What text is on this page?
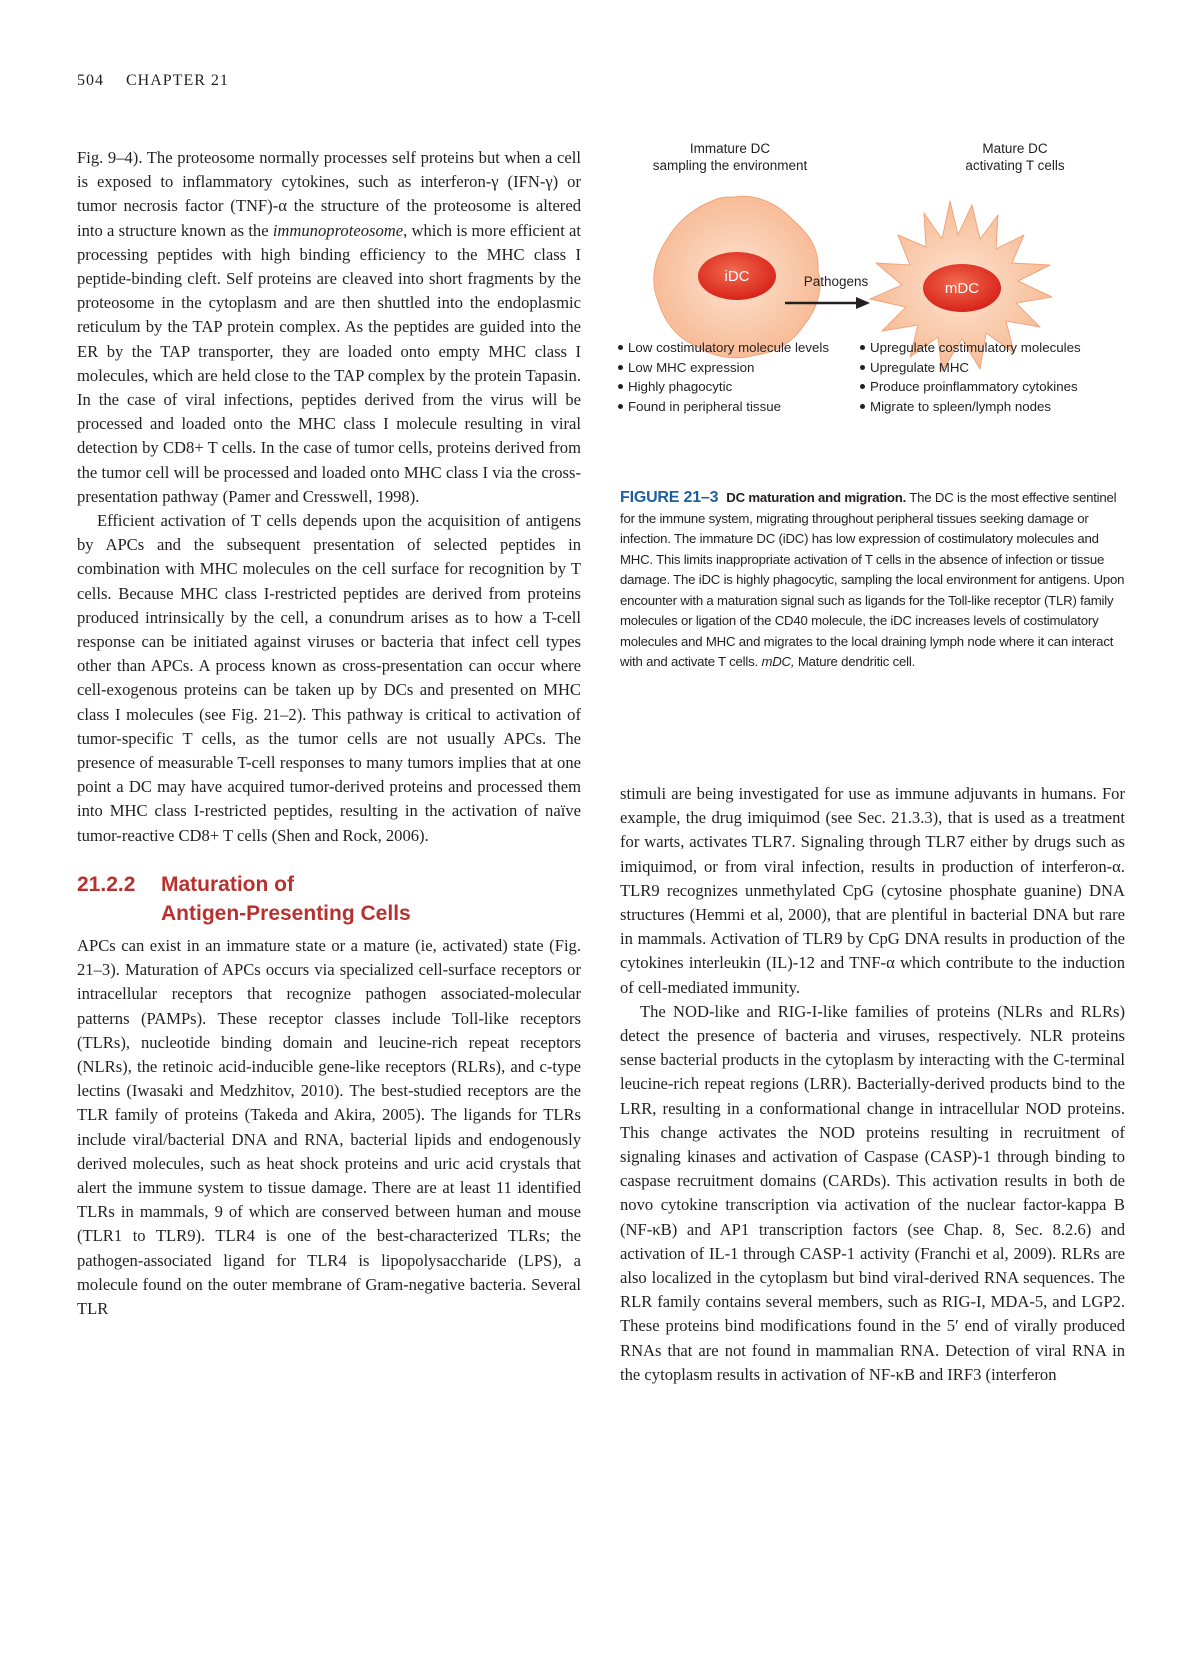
504 CHAPTER 21

Fig. 9–4). The proteosome normally processes self proteins but when a cell is exposed to inflammatory cytokines, such as interferon-γ (IFN-γ) or tumor necrosis factor (TNF)-α the structure of the proteosome is altered into a structure known as the immunoproteosome, which is more efficient at processing peptides with high binding efficiency to the MHC class I peptide-binding cleft. Self proteins are cleaved into short fragments by the proteosome in the cytoplasm and are then shuttled into the endoplasmic reticulum by the TAP protein complex. As the peptides are guided into the ER by the TAP transporter, they are loaded onto empty MHC class I molecules, which are held close to the TAP complex by the protein Tapasin. In the case of viral infections, peptides derived from the virus will be processed and loaded onto the MHC class I molecule resulting in viral detection by CD8+ T cells. In the case of tumor cells, proteins derived from the tumor cell will be processed and loaded onto MHC class I via the cross-presentation pathway (Pamer and Cresswell, 1998).

Efficient activation of T cells depends upon the acquisition of antigens by APCs and the subsequent presentation of selected peptides in combination with MHC molecules on the cell surface for recognition by T cells. Because MHC class I-restricted peptides are derived from proteins produced intrinsically by the cell, a conundrum arises as to how a T-cell response can be initiated against viruses or bacteria that infect cell types other than APCs. A process known as cross-presentation can occur where cell-exogenous proteins can be taken up by DCs and presented on MHC class I molecules (see Fig. 21–2). This pathway is critical to activation of tumor-specific T cells, as the tumor cells are not usually APCs. The presence of measurable T-cell responses to many tumors implies that at one point a DC may have acquired tumor-derived proteins and processed them into MHC class I-restricted peptides, resulting in the activation of naïve tumor-reactive CD8+ T cells (Shen and Rock, 2006).

21.2.2 Maturation of
Antigen-Presenting Cells

APCs can exist in an immature state or a mature (ie, activated) state (Fig. 21–3). Maturation of APCs occurs via specialized cell-surface receptors or intracellular receptors that recognize pathogen associated-molecular patterns (PAMPs). These receptor classes include Toll-like receptors (TLRs), nucleotide binding domain and leucine-rich repeat receptors (NLRs), the retinoic acid-inducible gene-like receptors (RLRs), and c-type lectins (Iwasaki and Medzhitov, 2010). The best-studied receptors are the TLR family of proteins (Takeda and Akira, 2005). The ligands for TLRs include viral/bacterial DNA and RNA, bacterial lipids and endogenously derived molecules, such as heat shock proteins and uric acid crystals that alert the immune system to tissue damage. There are at least 11 identified TLRs in mammals, 9 of which are conserved between human and mouse (TLR1 to TLR9). TLR4 is one of the best-characterized TLRs; the pathogen-associated ligand for TLR4 is lipopolysaccharide (LPS), a molecule found on the outer membrane of Gram-negative bacteria. Several TLR

Immature DC
sampling the environment
Mature DC
activating T cells
iDC	Pathogens	mDC
Low costimulatory molecule levels
Low MHC expression
Highly phagocytic
Found in peripheral tissue
Upregulate costimulatory molecules
Upregulate MHC
Produce proinflammatory cytokines
Migrate to spleen/lymph nodes
FIGURE 21–3 DC maturation and migration. The DC is the most effective sentinel for the immune system, migrating throughout peripheral tissues seeking damage or infection. The immature DC (iDC) has low expression of costimulatory molecules and MHC. This limits inappropriate activation of T cells in the absence of infection or tissue damage. The iDC is highly phagocytic, sampling the local environment for antigens. Upon encounter with a maturation signal such as ligands for the Toll-like receptor (TLR) family molecules or ligation of the CD40 molecule, the iDC increases levels of costimulatory molecules and MHC and migrates to the local draining lymph node where it can interact with and activate T cells. mDC, Mature dendritic cell.

stimuli are being investigated for use as immune adjuvants in humans. For example, the drug imiquimod (see Sec. 21.3.3), that is used as a treatment for warts, activates TLR7. Signaling through TLR7 either by drugs such as imiquimod, or from viral infection, results in production of interferon-α. TLR9 recognizes unmethylated CpG (cytosine phosphate guanine) DNA structures (Hemmi et al, 2000), that are plentiful in bacterial DNA but rare in mammals. Activation of TLR9 by CpG DNA results in production of the cytokines interleukin (IL)-12 and TNF-α which contribute to the induction of cell-mediated immunity.

The NOD-like and RIG-I-like families of proteins (NLRs and RLRs) detect the presence of bacteria and viruses, respectively. NLR proteins sense bacterial products in the cytoplasm by interacting with the C-terminal leucine-rich repeat regions (LRR). Bacterially-derived products bind to the LRR, resulting in a conformational change in intracellular NOD proteins. This change activates the NOD proteins resulting in recruitment of signaling kinases and activation of Caspase (CASP)-1 through binding to caspase recruitment domains (CARDs). This activation results in both de novo cytokine transcription via activation of the nuclear factor-kappa B (NF-κB) and AP1 transcription factors (see Chap. 8, Sec. 8.2.6) and activation of IL-1 through CASP-1 activity (Franchi et al, 2009). RLRs are also localized in the cytoplasm but bind viral-derived RNA sequences. The RLR family contains several members, such as RIG-I, MDA-5, and LGP2. These proteins bind modifications found in the 5′ end of virally produced RNAs that are not found in mammalian RNA. Detection of viral RNA in the cytoplasm results in activation of NF-κB and IRF3 (interferon
